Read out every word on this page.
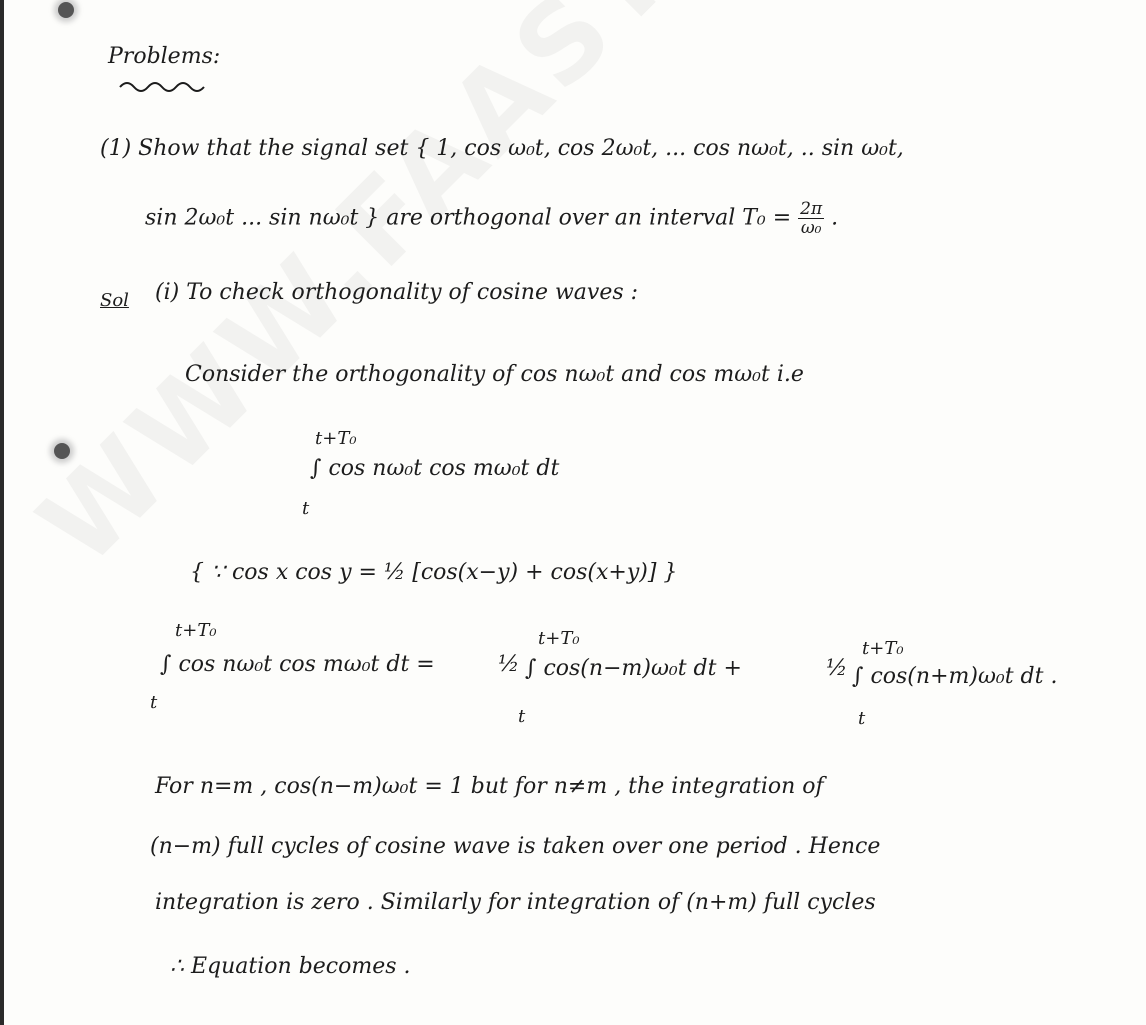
Problems:
(1) Show that the signal set { 1, cos ω₀t, cos 2ω₀t, ... cos nω₀t, .. sin ω₀t,
sin 2ω₀t ... sin nω₀t } are orthogonal over an interval $T_0 = \frac{2\pi}{\text{ω₀}}$ .
Sol (i) To check orthogonality of cosine waves :
Consider the orthogonality of cos nω₀t and cos mω₀t i.e
t+T₀
∫ cos nω₀t cos mω₀t dt
t
{ ∵ cos x cos y = ½ [cos(x−y) + cos(x+y)] }
t+T₀
∫ cos nω₀t cos mω₀t dt =
t
½
t+T₀
∫ cos(n−m)ω₀t dt +
t
½
t+T₀
∫ cos(n+m)ω₀t dt .
t
For n=m , cos(n−m)ω₀t = 1 but for n≠m , the integration of
(n−m) full cycles of cosine wave is taken over one period . Hence
integration is zero . Similarly for integration of (n+m) full cycles
∴ Equation becomes .
